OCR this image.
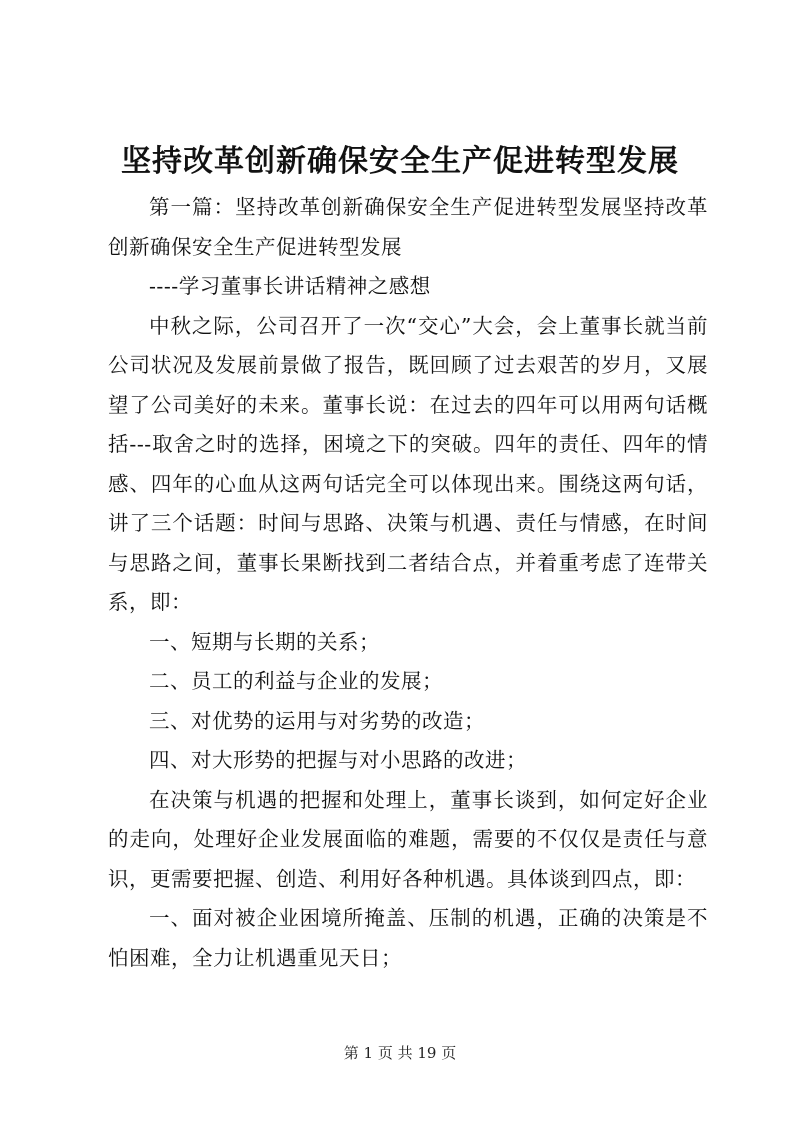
坚持改革创新确保安全生产促进转型发展

第一篇：坚持改革创新确保安全生产促进转型发展坚持改革创新确保安全生产促进转型发展

----学习董事长讲话精神之感想

中秋之际，公司召开了一次“交心”大会，会上董事长就当前公司状况及发展前景做了报告，既回顾了过去艰苦的岁月，又展望了公司美好的未来。董事长说：在过去的四年可以用两句话概括---取舍之时的选择，困境之下的突破。四年的责任、四年的情感、四年的心血从这两句话完全可以体现出来。围绕这两句话，讲了三个话题：时间与思路、决策与机遇、责任与情感，在时间与思路之间，董事长果断找到二者结合点，并着重考虑了连带关系，即：

一、短期与长期的关系；

二、员工的利益与企业的发展；

三、对优势的运用与对劣势的改造；

四、对大形势的把握与对小思路的改进；

在决策与机遇的把握和处理上，董事长谈到，如何定好企业的走向，处理好企业发展面临的难题，需要的不仅仅是责任与意识，更需要把握、创造、利用好各种机遇。具体谈到四点，即：

一、面对被企业困境所掩盖、压制的机遇，正确的决策是不怕困难，全力让机遇重见天日；

第 1 页 共 19 页
